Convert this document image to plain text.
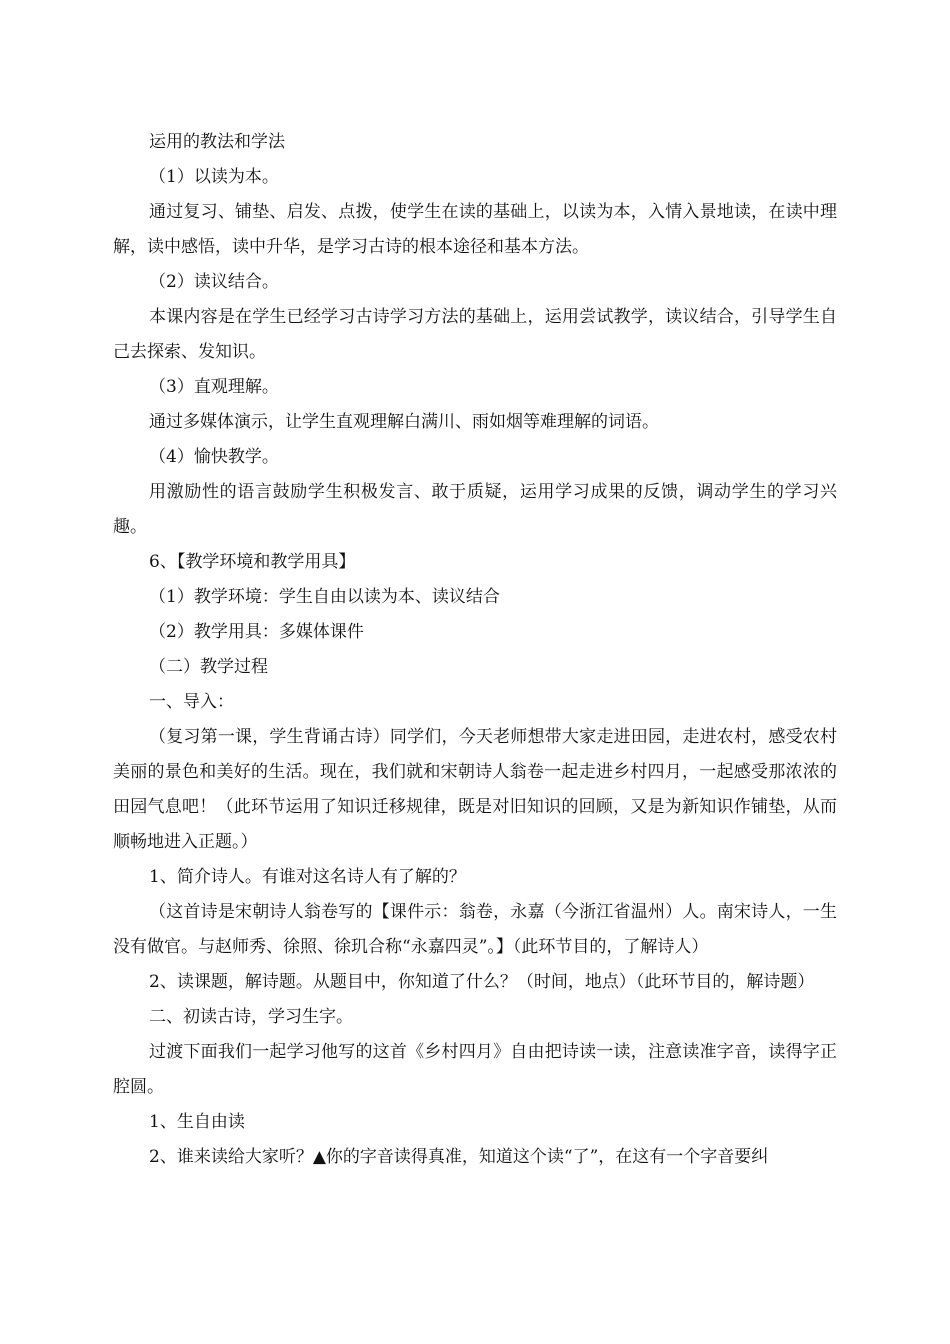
运用的教法和学法

（1）以读为本。

通过复习、铺垫、启发、点拨，使学生在读的基础上，以读为本，入情入景地读，在读中理解，读中感悟，读中升华，是学习古诗的根本途径和基本方法。

（2）读议结合。

本课内容是在学生已经学习古诗学习方法的基础上，运用尝试教学，读议结合，引导学生自己去探索、发知识。

（3）直观理解。

通过多媒体演示，让学生直观理解白满川、雨如烟等难理解的词语。

（4）愉快教学。

用激励性的语言鼓励学生积极发言、敢于质疑，运用学习成果的反馈，调动学生的学习兴趣。

6、【教学环境和教学用具】

（1）教学环境：学生自由以读为本、读议结合

（2）教学用具：多媒体课件

（二）教学过程

一、导入：

（复习第一课，学生背诵古诗）同学们，今天老师想带大家走进田园，走进农村，感受农村美丽的景色和美好的生活。现在，我们就和宋朝诗人翁卷一起走进乡村四月，一起感受那浓浓的田园气息吧！（此环节运用了知识迁移规律，既是对旧知识的回顾，又是为新知识作铺垫，从而顺畅地进入正题。）

1、简介诗人。有谁对这名诗人有了解的？

（这首诗是宋朝诗人翁卷写的【课件示：翁卷，永嘉（今浙江省温州）人。南宋诗人，一生没有做官。与赵师秀、徐照、徐玑合称“永嘉四灵”。】（此环节目的，了解诗人）

2、读课题，解诗题。从题目中，你知道了什么？（时间，地点）（此环节目的，解诗题）

二、初读古诗，学习生字。

过渡下面我们一起学习他写的这首《乡村四月》自由把诗读一读，注意读准字音，读得字正腔圆。

1、生自由读

2、谁来读给大家听？▲你的字音读得真准，知道这个读“了”，在这有一个字音要纠
